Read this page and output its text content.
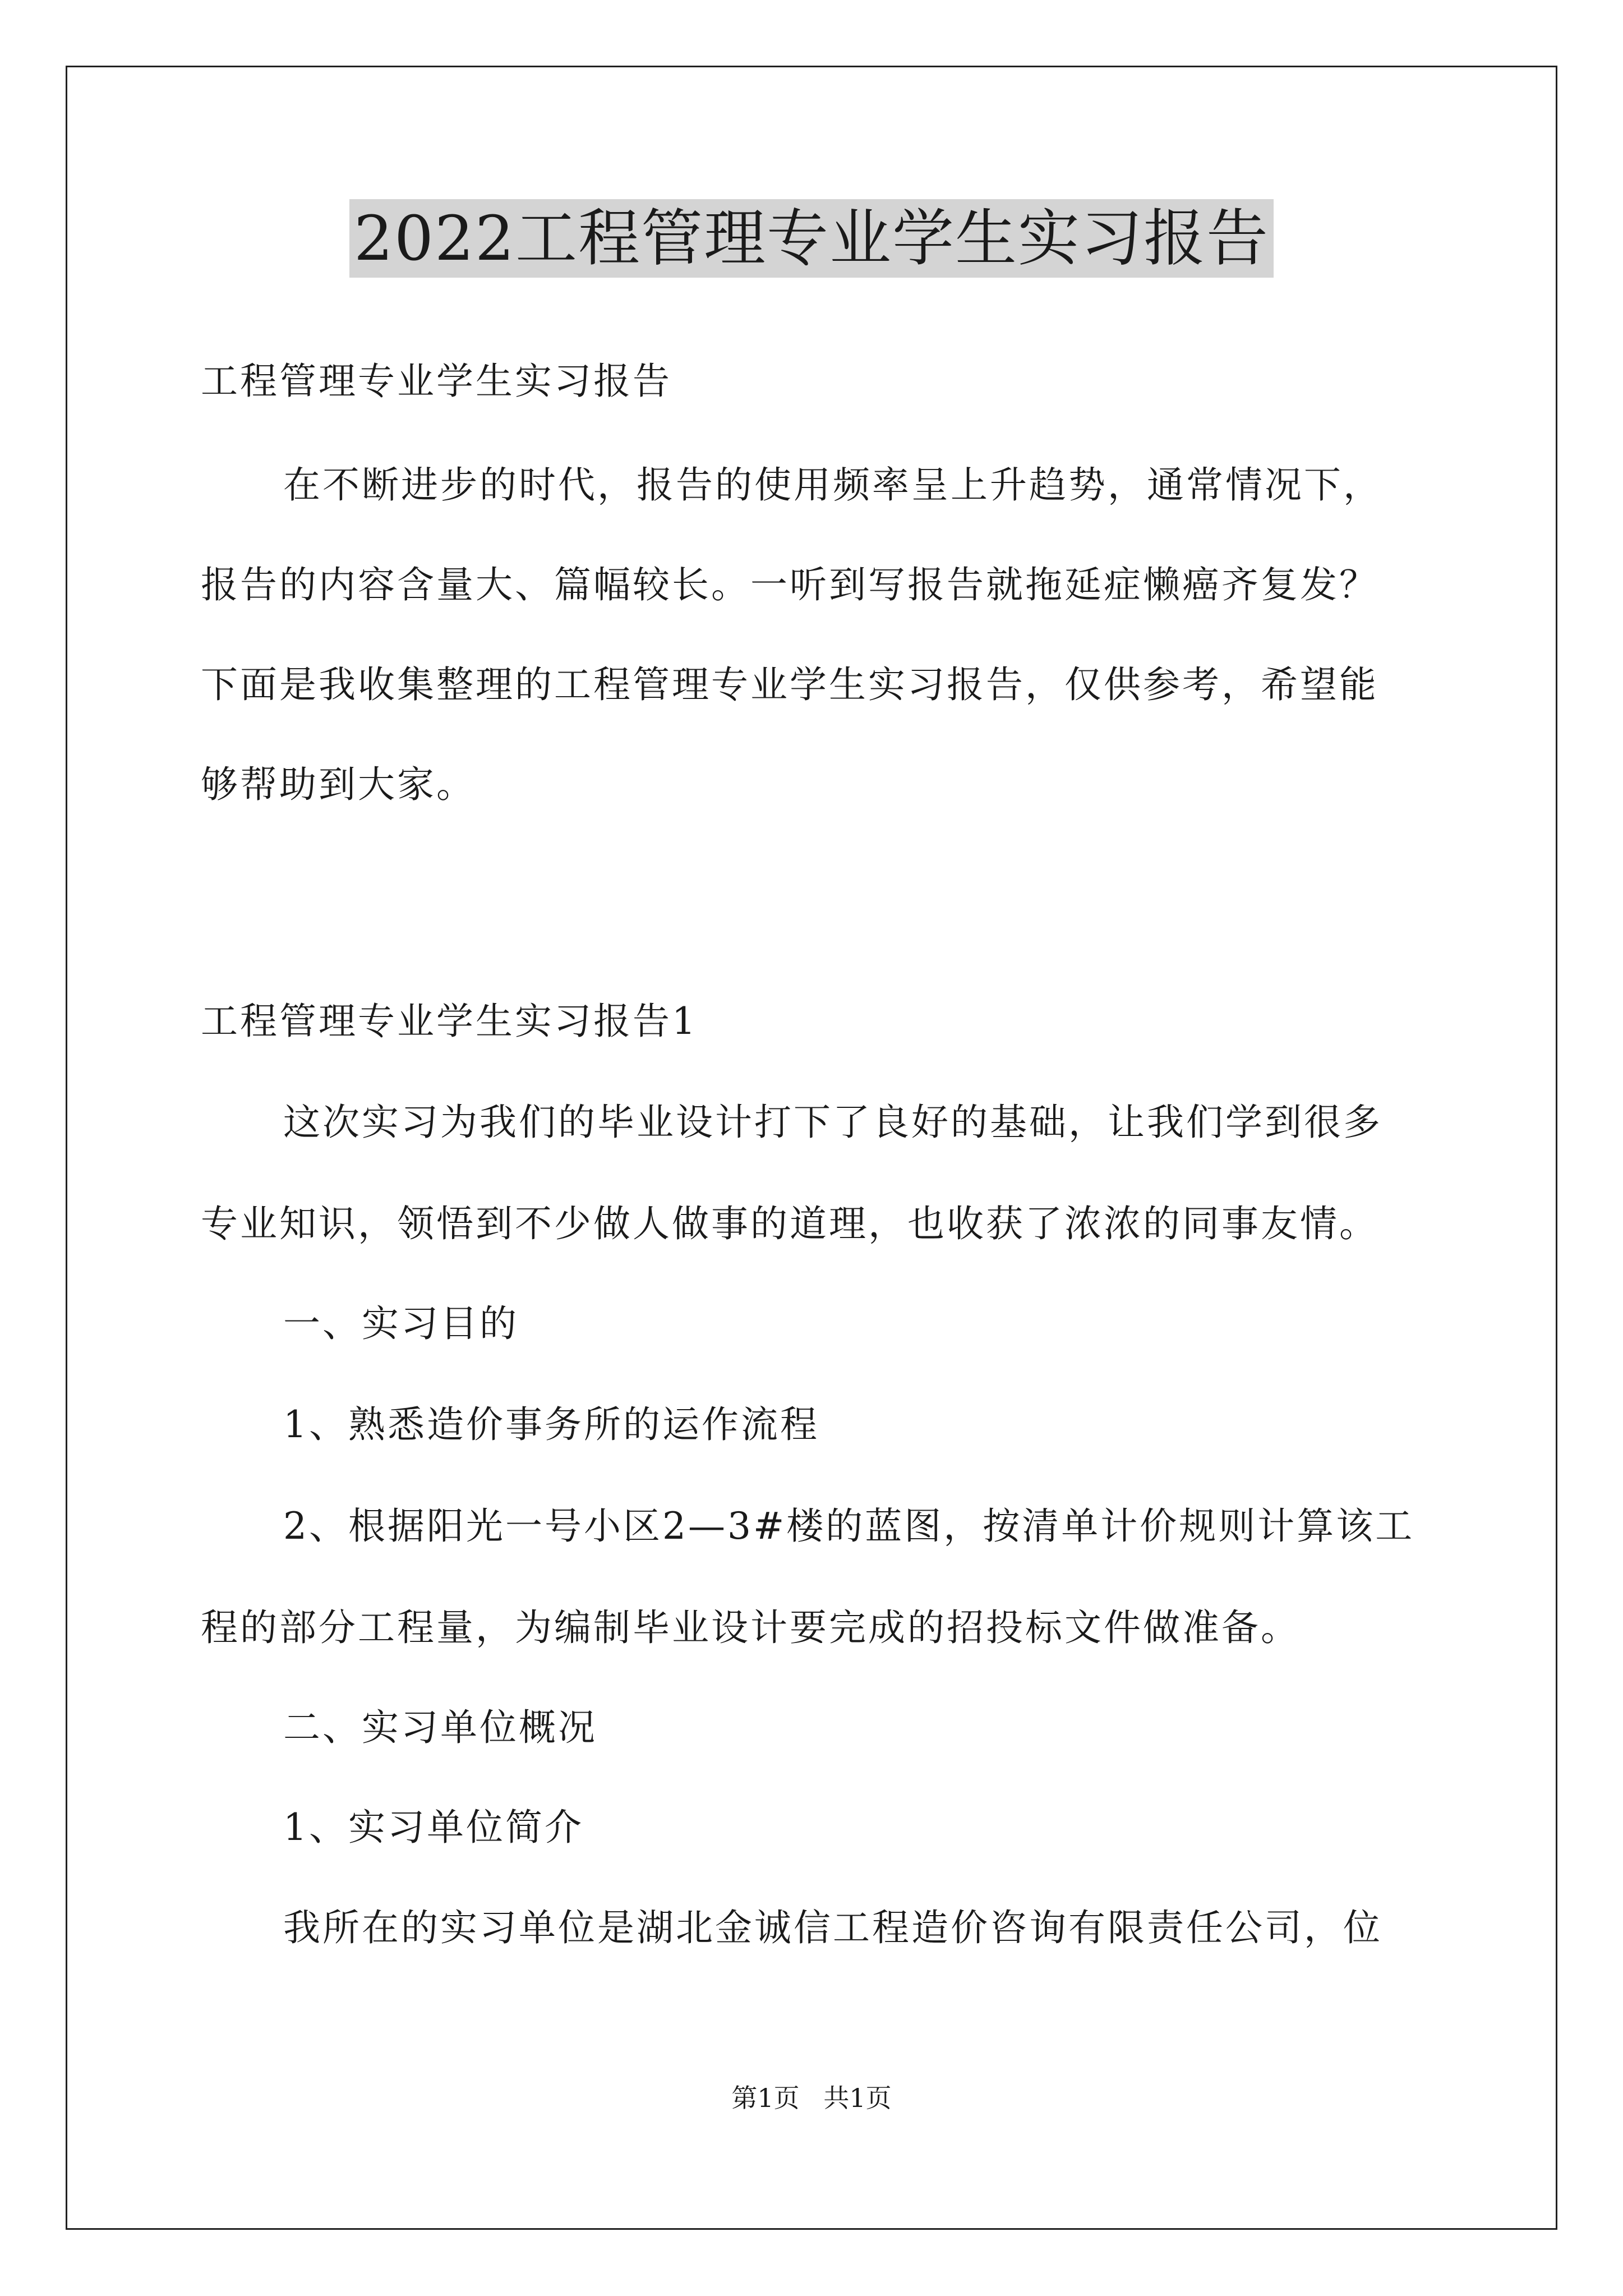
2022工程管理专业学生实习报告
工程管理专业学生实习报告
在不断进步的时代，报告的使用频率呈上升趋势，通常情况下，
报告的内容含量大、篇幅较长。一听到写报告就拖延症懒癌齐复发？
下面是我收集整理的工程管理专业学生实习报告，仅供参考，希望能
够帮助到大家。
工程管理专业学生实习报告1
这次实习为我们的毕业设计打下了良好的基础，让我们学到很多
专业知识，领悟到不少做人做事的道理，也收获了浓浓的同事友情。
一、实习目的
1、熟悉造价事务所的运作流程
2、根据阳光一号小区2—3#楼的蓝图，按清单计价规则计算该工
程的部分工程量，为编制毕业设计要完成的招投标文件做准备。
二、实习单位概况
1、实习单位简介
我所在的实习单位是湖北金诚信工程造价咨询有限责任公司，位
第1页 共1页
